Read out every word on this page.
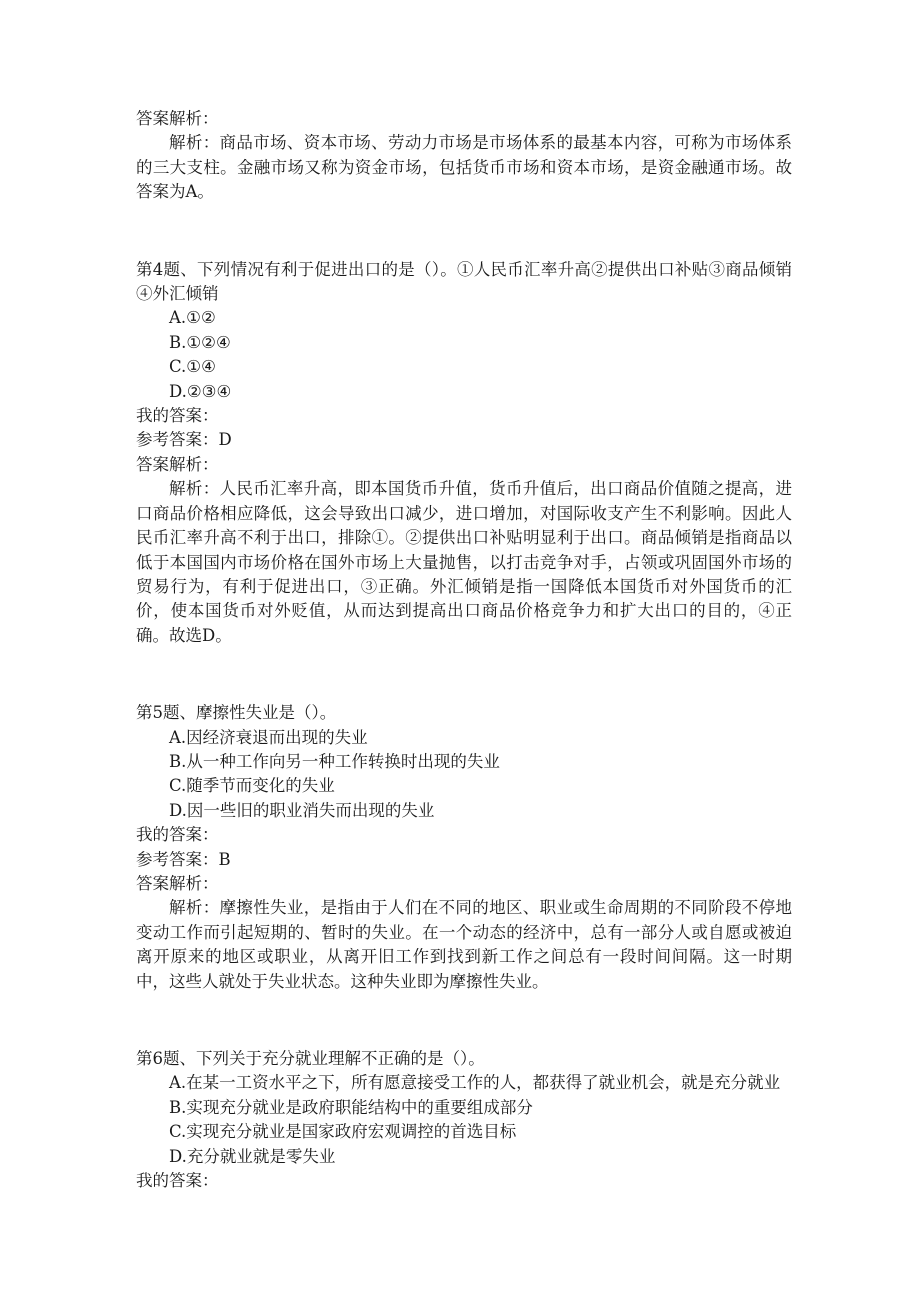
答案解析：
解析：商品市场、资本市场、劳动力市场是市场体系的最基本内容，可称为市场体系的三大支柱。金融市场又称为资金市场，包括货币市场和资本市场，是资金融通市场。故答案为A。
第4题、下列情况有利于促进出口的是（）。①人民币汇率升高②提供出口补贴③商品倾销④外汇倾销
A.①②
B.①②④
C.①④
D.②③④
我的答案：
参考答案：D
答案解析：
解析：人民币汇率升高，即本国货币升值，货币升值后，出口商品价值随之提高，进口商品价格相应降低，这会导致出口减少，进口增加，对国际收支产生不利影响。因此人民币汇率升高不利于出口，排除①。②提供出口补贴明显利于出口。商品倾销是指商品以低于本国国内市场价格在国外市场上大量抛售，以打击竞争对手，占领或巩固国外市场的贸易行为，有利于促进出口，③正确。外汇倾销是指一国降低本国货币对外国货币的汇价，使本国货币对外贬值，从而达到提高出口商品价格竞争力和扩大出口的目的，④正确。故选D。
第5题、摩擦性失业是（）。
A.因经济衰退而出现的失业
B.从一种工作向另一种工作转换时出现的失业
C.随季节而变化的失业
D.因一些旧的职业消失而出现的失业
我的答案：
参考答案：B
答案解析：
解析：摩擦性失业，是指由于人们在不同的地区、职业或生命周期的不同阶段不停地变动工作而引起短期的、暂时的失业。在一个动态的经济中，总有一部分人或自愿或被迫离开原来的地区或职业，从离开旧工作到找到新工作之间总有一段时间间隔。这一时期中，这些人就处于失业状态。这种失业即为摩擦性失业。
第6题、下列关于充分就业理解不正确的是（）。
A.在某一工资水平之下，所有愿意接受工作的人，都获得了就业机会，就是充分就业
B.实现充分就业是政府职能结构中的重要组成部分
C.实现充分就业是国家政府宏观调控的首选目标
D.充分就业就是零失业
我的答案：
